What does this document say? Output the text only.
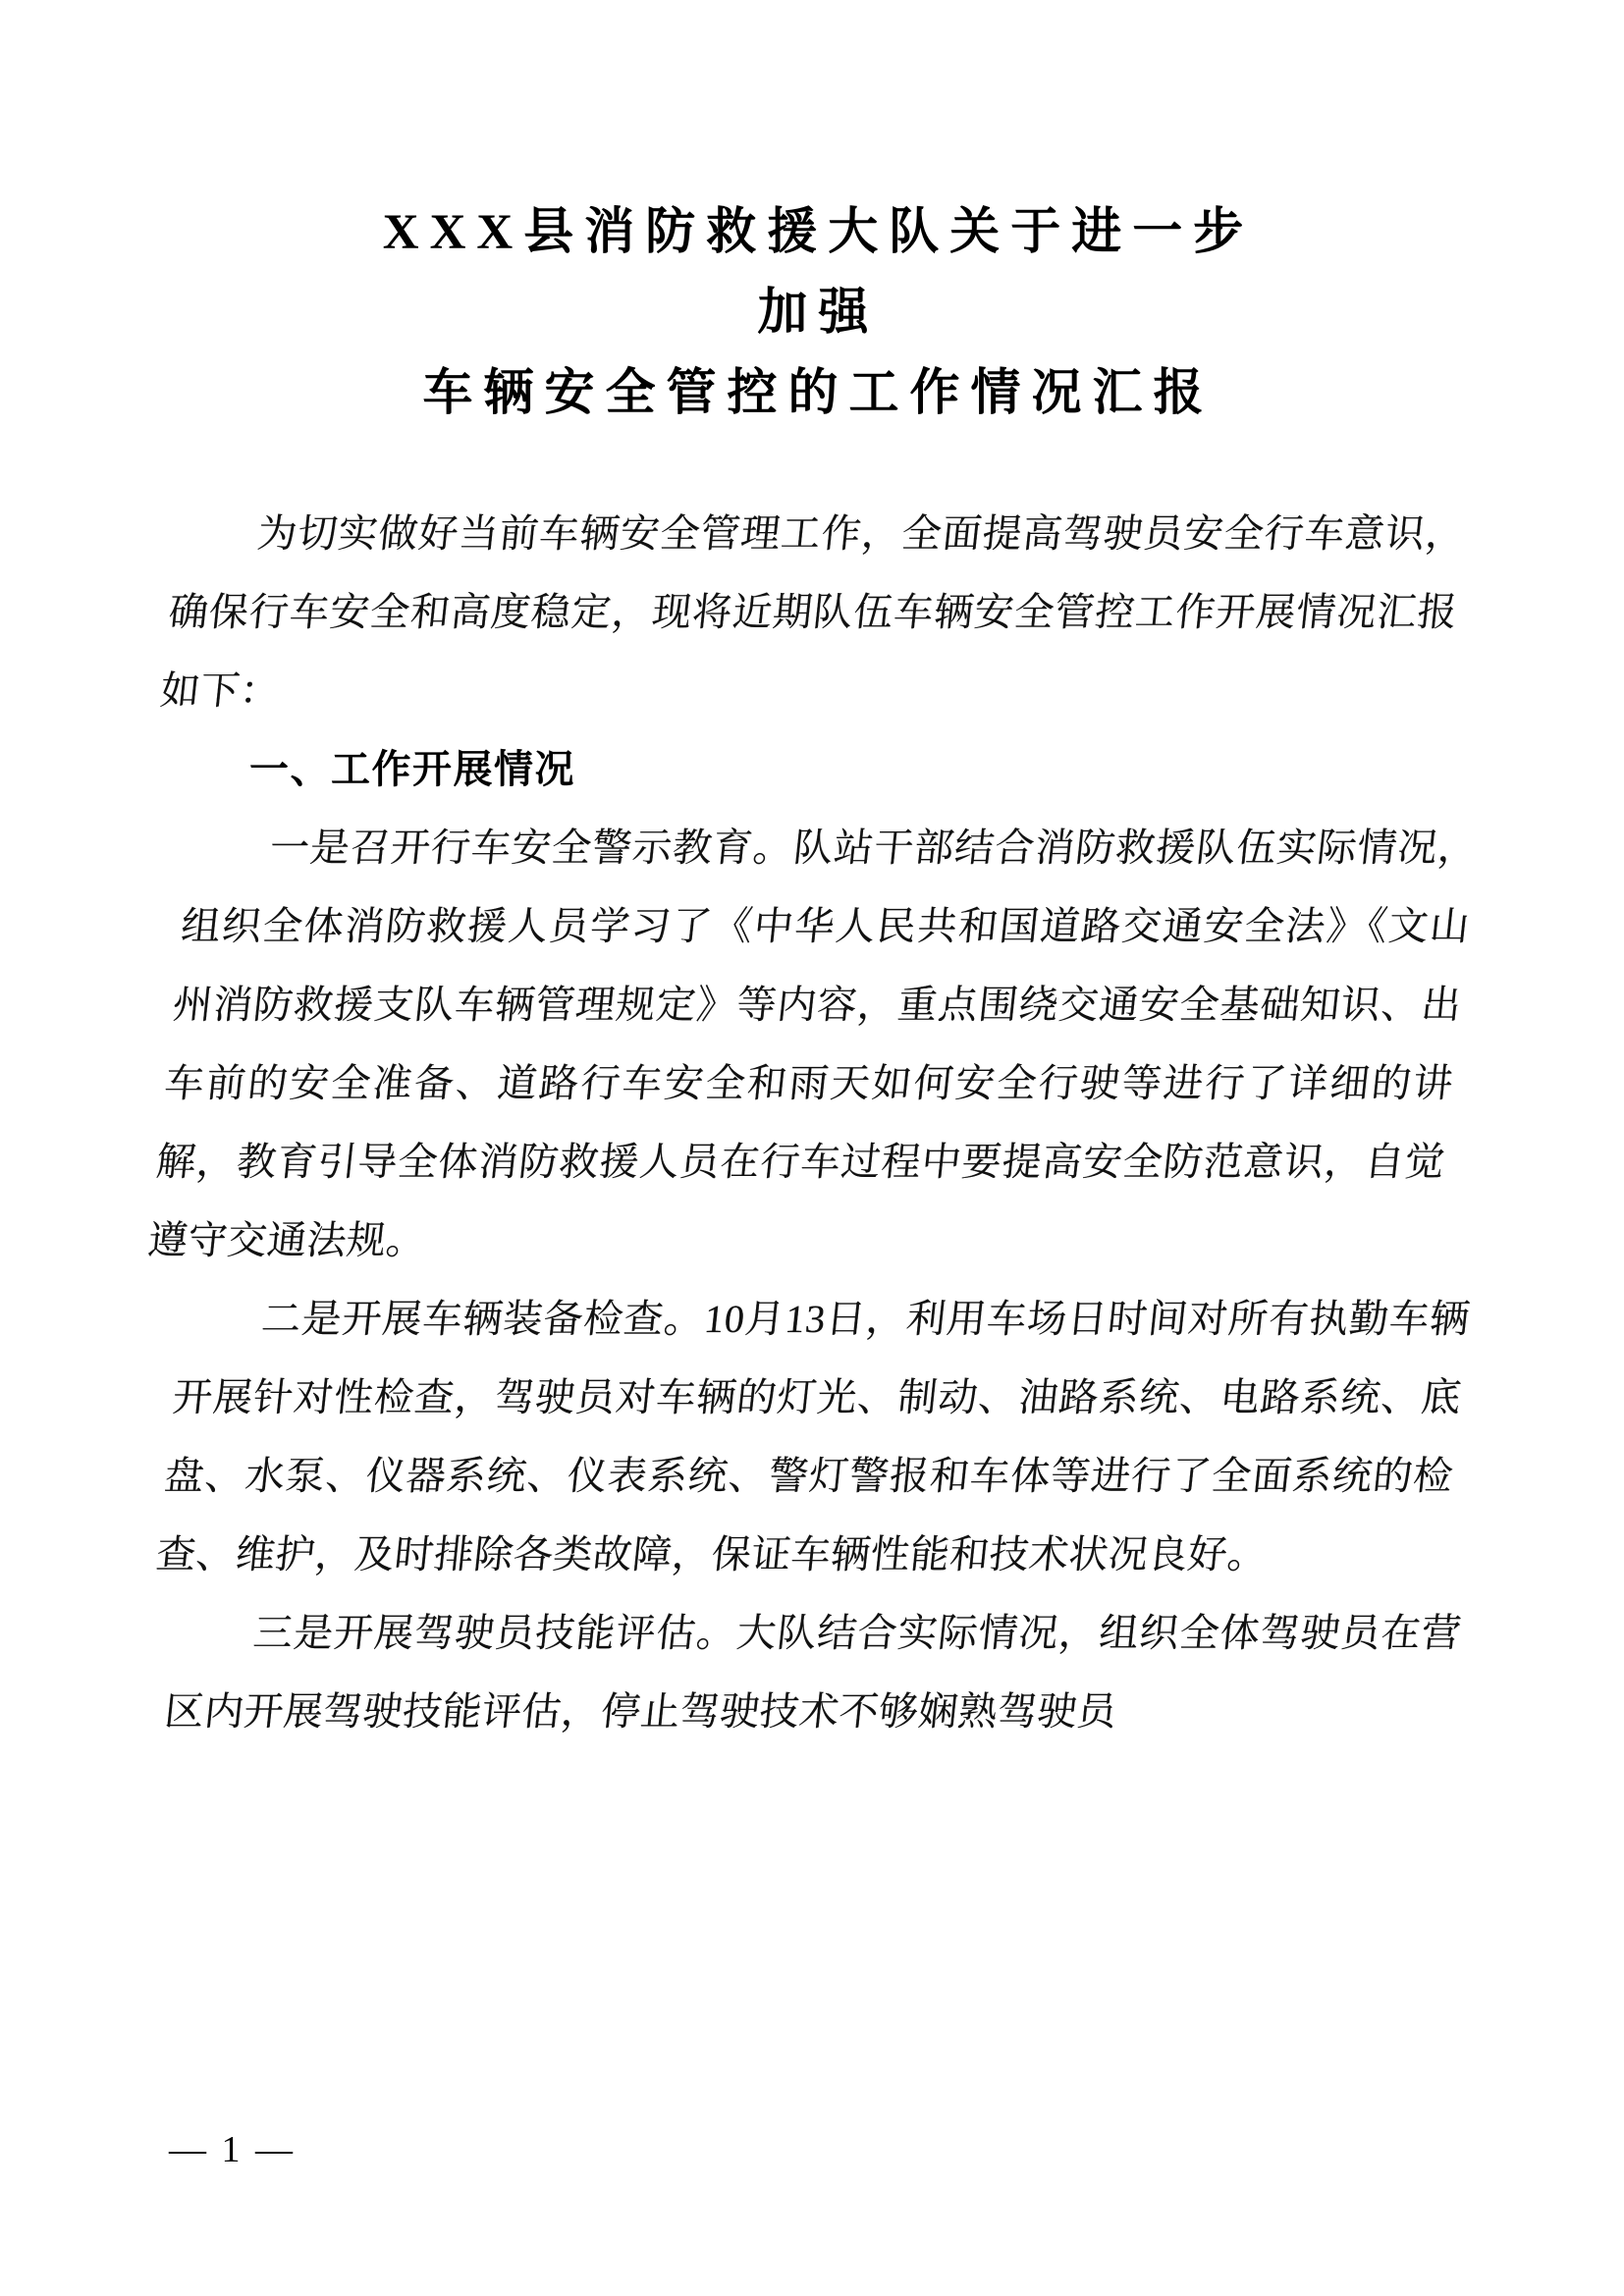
XXX县消防救援大队关于进一步
加强
车辆安全管控的工作情况汇报

为切实做好当前车辆安全管理工作，全面提高驾驶员安全行车意识，确保行车安全和高度稳定，现将近期队伍车辆安全管控工作开展情况汇报如下：

一、工作开展情况

一是召开行车安全警示教育。队站干部结合消防救援队伍实际情况，组织全体消防救援人员学习了《中华人民共和国道路交通安全法》《文山州消防救援支队车辆管理规定》等内容，重点围绕交通安全基础知识、出车前的安全准备、道路行车安全和雨天如何安全行驶等进行了详细的讲解，教育引导全体消防救援人员在行车过程中要提高安全防范意识，自觉遵守交通法规。

二是开展车辆装备检查。10月13日，利用车场日时间对所有执勤车辆开展针对性检查，驾驶员对车辆的灯光、制动、油路系统、电路系统、底盘、水泵、仪器系统、仪表系统、警灯警报和车体等进行了全面系统的检查、维护，及时排除各类故障，保证车辆性能和技术状况良好。

三是开展驾驶员技能评估。大队结合实际情况，组织全体驾驶员在营区内开展驾驶技能评估，停止驾驶技术不够娴熟驾驶员

— 1 —
